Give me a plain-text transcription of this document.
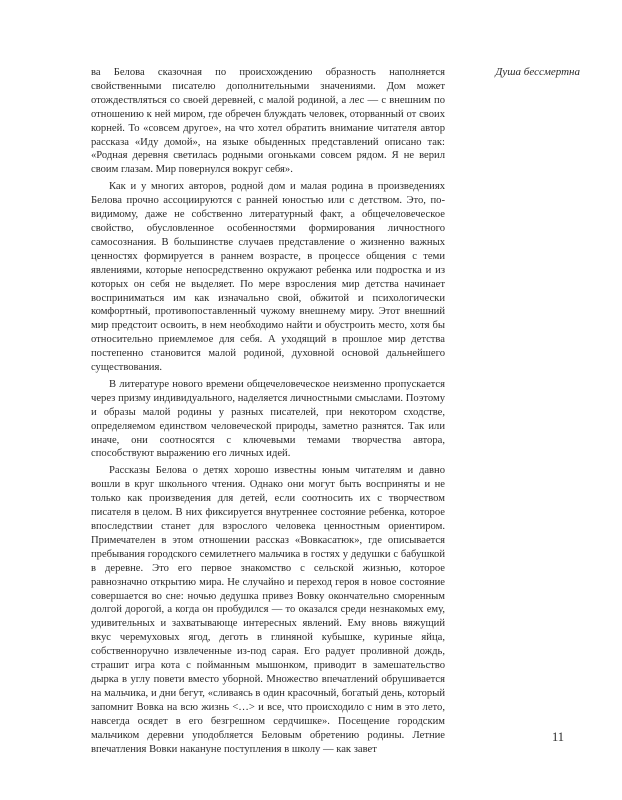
Душа бессмертна

ва Белова сказочная по происхождению образность наполняется свойственными писателю дополнительными значениями. Дом может отождествляться со своей деревней, с малой родиной, а лес — с внешним по отношению к ней миром, где обречен блуждать человек, оторванный от своих корней. То «совсем другое», на что хотел обратить внимание читателя автор рассказа «Иду домой», на языке обыденных представлений описано так: «Родная деревня светилась родными огоньками совсем рядом. Я не верил своим глазам. Мир повернулся вокруг себя».

Как и у многих авторов, родной дом и малая родина в произведениях Белова прочно ассоциируются с ранней юностью или с детством. Это, по-видимому, даже не собственно литературный факт, а общечеловеческое свойство, обусловленное особенностями формирования личностного самосознания. В большинстве случаев представление о жизненно важных ценностях формируется в раннем возрасте, в процессе общения с теми явлениями, которые непосредственно окружают ребенка или подростка и из которых он себя не выделяет. По мере взросления мир детства начинает восприниматься им как изначально свой, обжитой и психологически комфортный, противопоставленный чужому внешнему миру. Этот внешний мир предстоит освоить, в нем необходимо найти и обустроить место, хотя бы относительно приемлемое для себя. А уходящий в прошлое мир детства постепенно становится малой родиной, духовной основой дальнейшего существования.

В литературе нового времени общечеловеческое неизменно пропускается через призму индивидуального, наделяется личностными смыслами. Поэтому и образы малой родины у разных писателей, при некотором сходстве, определяемом единством человеческой природы, заметно разнятся. Так или иначе, они соотносятся с ключевыми темами творчества автора, способствуют выражению его личных идей.

Рассказы Белова о детях хорошо известны юным читателям и давно вошли в круг школьного чтения. Однако они могут быть восприняты и не только как произведения для детей, если соотносить их с творчеством писателя в целом. В них фиксируется внутреннее состояние ребенка, которое впоследствии станет для взрослого человека ценностным ориентиром. Примечателен в этом отношении рассказ «Вовкасатюк», где описывается пребывания городского семилетнего мальчика в гостях у дедушки с бабушкой в деревне. Это его первое знакомство с сельской жизнью, которое равнозначно открытию мира. Не случайно и переход героя в новое состояние совершается во сне: ночью дедушка привез Вовку окончательно сморенным долгой дорогой, а когда он пробудился — то оказался среди незнакомых ему, удивительных и захватывающе интересных явлений. Ему вновь вяжущий вкус черемуховых ягод, деготь в глиняной кубышке, куриные яйца, собственноручно извлеченные из-под сарая. Его радует проливной дождь, страшит игра кота с пойманным мышонком, приводит в замешательство дырка в углу повети вместо уборной. Множество впечатлений обрушивается на мальчика, и дни бегут, «сливаясь в один красочный, богатый день, который запомнит Вовка на всю жизнь <…> и все, что происходило с ним в это лето, навсегда осядет в его безгрешном сердчишке». Посещение городским мальчиком деревни уподобляется Беловым обретению родины. Летние впечатления Вовки накануне поступления в школу — как завет

11
